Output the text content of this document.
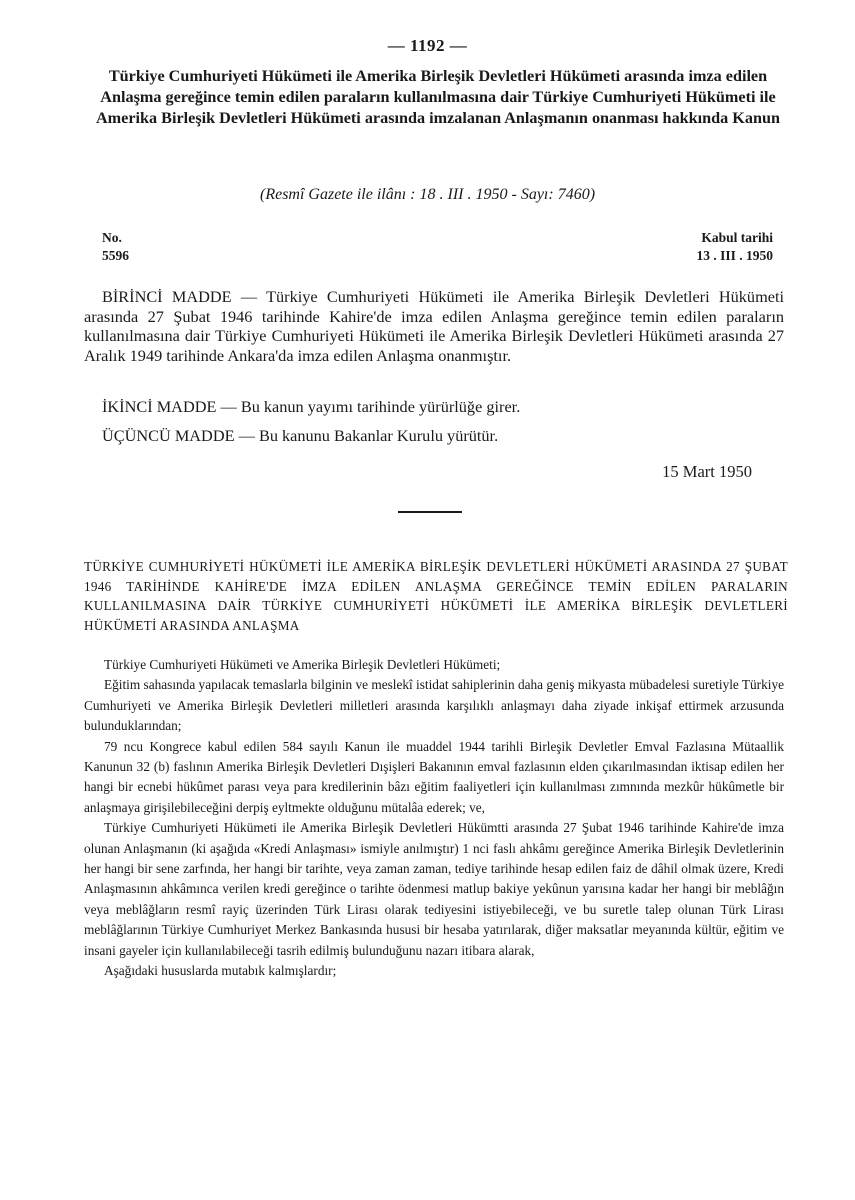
— 1192 —
Türkiye Cumhuriyeti Hükümeti ile Amerika Birleşik Devletleri Hükümeti arasında imza edilen Anlaşma gereğince temin edilen paraların kullanılmasına dair Türkiye Cumhuriyeti Hükümeti ile Amerika Birleşik Devletleri Hükümeti arasında imzalanan Anlaşmanın onanması hakkında Kanun
(Resmî Gazete ile ilânı : 18 . III . 1950 - Sayı: 7460)
No.
5596
Kabul tarihi
13 . III . 1950
BİRİNCİ MADDE — Türkiye Cumhuriyeti Hükümeti ile Amerika Birleşik Devletleri Hükümeti arasında 27 Şubat 1946 tarihinde Kahire'de imza edilen Anlaşma gereğince temin edilen paraların kullanılmasına dair Türkiye Cumhuriyeti Hükümeti ile Amerika Birleşik Devletleri Hükümeti arasında 27 Aralık 1949 tarihinde Ankara'da imza edilen Anlaşma onanmıştır.
İKİNCİ MADDE — Bu kanun yayımı tarihinde yürürlüğe girer.
ÜÇÜNCÜ MADDE — Bu kanunu Bakanlar Kurulu yürütür.
15 Mart 1950
TÜRKİYE CUMHURİYETİ HÜKÜMETİ İLE AMERİKA BİRLEŞİK DEVLETLERİ HÜKÜMETİ ARASINDA 27 ŞUBAT 1946 TARİHİNDE KAHİRE'DE İMZA EDİLEN ANLAŞMA GEREĞİNCE TEMİN EDİLEN PARALARIN KULLANILMASINA DAİR TÜRKİYE CUMHURİYETİ HÜKÜMETİ İLE AMERİKA BİRLEŞİK DEVLETLERİ HÜKÜMETİ ARASINDA ANLAŞMA

Türkiye Cumhuriyeti Hükümeti ve Amerika Birleşik Devletleri Hükümeti;

Eğitim sahasında yapılacak temaslarla bilginin ve meslekî istidat sahiplerinin daha geniş mikyasta mübadelesi suretiyle Türkiye Cumhuriyeti ve Amerika Birleşik Devletleri milletleri arasında karşılıklı anlaşmayı daha ziyade inkişaf ettirmek arzusunda bulunduklarından;

79 ncu Kongrece kabul edilen 584 sayılı Kanun ile muaddel 1944 tarihli Birleşik Devletler Emval Fazlasına Mütaallik Kanunun 32 (b) faslının Amerika Birleşik Devletleri Dışişleri Bakanının emval fazlasının elden çıkarılmasından iktisap edilen her hangi bir ecnebi hükûmet parası veya para kredilerinin bâzı eğitim faaliyetleri için kullanılması zımnında mezkûr hükûmetle bir anlaşmaya girişilebileceğini derpiş eyltmekte olduğunu mütalâa ederek; ve,

Türkiye Cumhuriyeti Hükümeti ile Amerika Birleşik Devletleri Hükümtti arasında 27 Şubat 1946 tarihinde Kahire'de imza olunan Anlaşmanın (ki aşağıda «Kredi Anlaşması» ismiyle anılmıştır) 1 nci faslı ahkâmı gereğince Amerika Birleşik Devletlerinin her hangi bir sene zarfında, her hangi bir tarihte, veya zaman zaman, tediye tarihinde hesap edilen faiz de dâhil olmak üzere, Kredi Anlaşmasının ahkâmınca verilen kredi gereğince o tarihte ödenmesi matlup bakiye yekûnun yarısına kadar her hangi bir meblâğın veya meblâğların resmî rayiç üzerinden Türk Lirası olarak tediyesini istiyebileceği, ve bu suretle talep olunan Türk Lirası meblâğlarının Türkiye Cumhuriyet Merkez Bankasında hususi bir hesaba yatırılarak, diğer maksatlar meyanında kültür, eğitim ve insani gayeler için kullanılabileceği tasrih edilmiş bulunduğunu nazarı itibara alarak,

Aşağıdaki hususlarda mutabık kalmışlardır;
